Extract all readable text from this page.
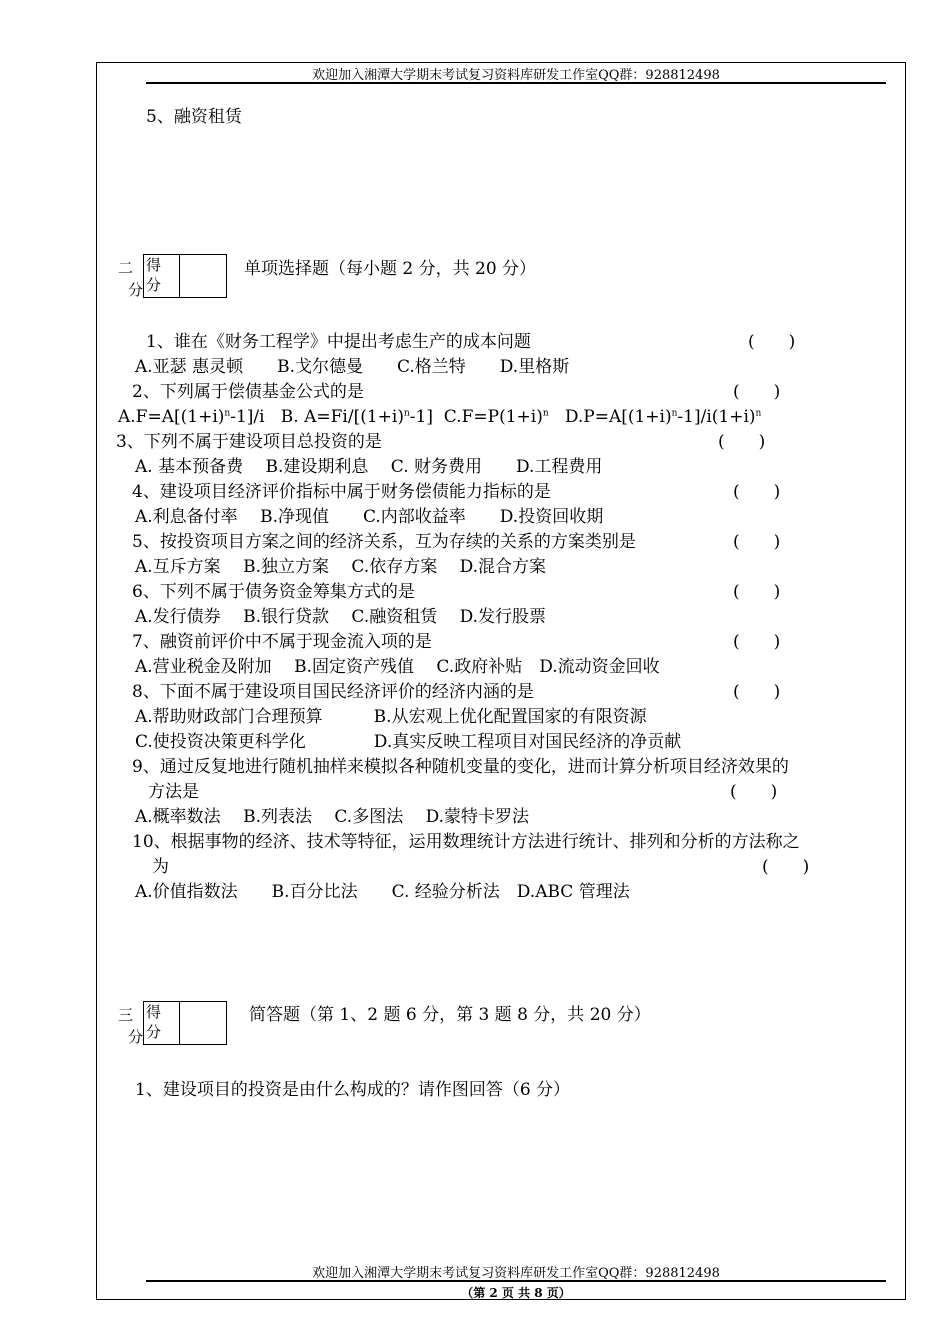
欢迎加入湘潭大学期末考试复习资料库研发工作室QQ群：928812498
5、融资租赁
二
分
得
分
单项选择题（每小题 2 分，共 20 分）
1、谁在《财务工程学》中提出考虑生产的成本问题	(　　)
A.亚瑟 惠灵顿　　B.戈尔德曼　　C.格兰特　　D.里格斯
2、下列属于偿债基金公式的是	(　　)
$A.F=A[(1+i)^n-1]/i$ B. $A=Fi/[(1+i)^n-1]$ $C.F=P(1+i)^n$ $D.P=A[(1+i)^n-1]/i(1+i)^n$
3、下列不属于建设项目总投资的是	(　　)
A. 基本预备费　 B.建设期利息　 C. 财务费用　　D.工程费用
4、建设项目经济评价指标中属于财务偿债能力指标的是	(　　)
A.利息备付率　 B.净现值　　C.内部收益率　　D.投资回收期
5、按投资项目方案之间的经济关系，互为存续的关系的方案类别是	(　　)
A.互斥方案　 B.独立方案　 C.依存方案　 D.混合方案
6、下列不属于债务资金筹集方式的是	(　　)
A.发行债券　 B.银行贷款　 C.融资租赁　 D.发行股票
7、融资前评价中不属于现金流入项的是	(　　)
A.营业税金及附加　 B.固定资产残值　 C.政府补贴　D.流动资金回收
8、下面不属于建设项目国民经济评价的经济内涵的是	(　　)
A.帮助财政部门合理预算　　　B.从宏观上优化配置国家的有限资源
C.使投资决策更科学化　　　　D.真实反映工程项目对国民经济的净贡献
9、通过反复地进行随机抽样来模拟各种随机变量的变化，进而计算分析项目经济效果的
方法是	(　　)
A.概率数法　 B.列表法　 C.多图法　 D.蒙特卡罗法
10、根据事物的经济、技术等特征，运用数理统计方法进行统计、排列和分析的方法称之
为	(　　)
A.价值指数法　　B.百分比法　　C. 经验分析法　D.ABC 管理法
三
分
得
分
简答题（第 1、2 题 6 分，第 3 题 8 分，共 20 分）
1、建设项目的投资是由什么构成的？请作图回答（6 分）
欢迎加入湘潭大学期末考试复习资料库研发工作室QQ群：928812498
（第 2 页 共 8 页）
